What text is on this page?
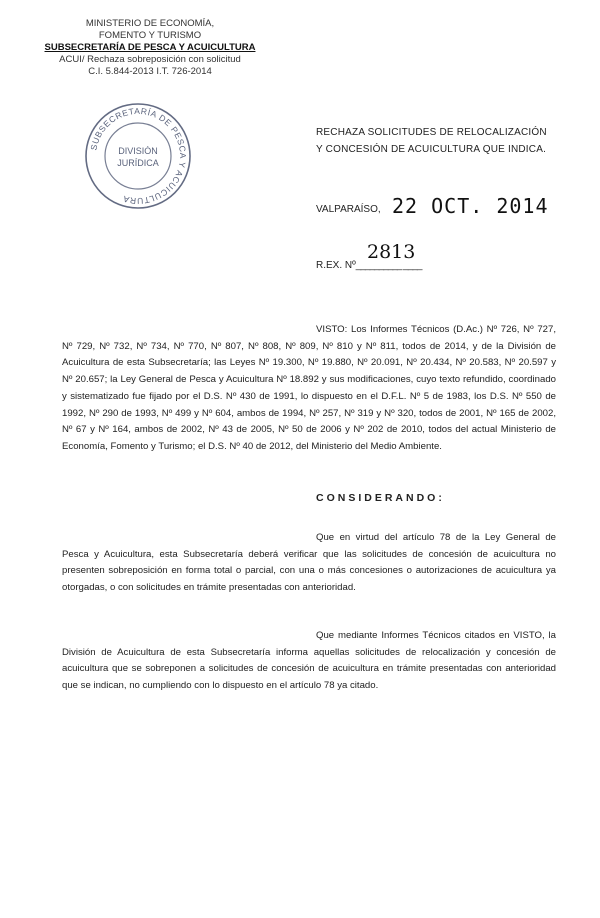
MINISTERIO DE ECONOMÍA,
FOMENTO Y TURISMO
SUBSECRETARÍA DE PESCA Y ACUICULTURA
ACUI/ Rechaza sobreposición con solicitud
C.I. 5.844-2013 I.T. 726-2014
SUBSECRETARÍA DE PESCA Y ACUICULTURA
DIVISIÓN
JURÍDICA
RECHAZA SOLICITUDES DE RELOCALIZACIÓN Y CONCESIÓN DE ACUICULTURA QUE INDICA.
VALPARAÍSO, 22 OCT. 2014
2813
R.EX. Nº__________ ____
VISTO: Los Informes Técnicos (D.Ac.) Nº 726, Nº 727, Nº 729, Nº 732, Nº 734, Nº 770, Nº 807, Nº 808, Nº 809, Nº 810 y Nº 811, todos de 2014, y de la División de Acuicultura de esta Subsecretaría; las Leyes Nº 19.300, Nº 19.880, Nº 20.091, Nº 20.434, Nº 20.583, Nº 20.597 y Nº 20.657; la Ley General de Pesca y Acuicultura Nº 18.892 y sus modificaciones, cuyo texto refundido, coordinado y sistematizado fue fijado por el D.S. Nº 430 de 1991, lo dispuesto en el D.F.L. Nº 5 de 1983, los D.S. Nº 550 de 1992, Nº 290 de 1993, Nº 499 y Nº 604, ambos de 1994, Nº 257, Nº 319 y Nº 320, todos de 2001, Nº 165 de 2002, Nº 67 y Nº 164, ambos de 2002, Nº 43 de 2005, Nº 50 de 2006 y Nº 202 de 2010, todos del actual Ministerio de Economía, Fomento y Turismo; el D.S. Nº 40 de 2012, del Ministerio del Medio Ambiente.
CONSIDERANDO:
Que en virtud del artículo 78 de la Ley General de Pesca y Acuicultura, esta Subsecretaría deberá verificar que las solicitudes de concesión de acuicultura no presenten sobreposición en forma total o parcial, con una o más concesiones o autorizaciones de acuicultura ya otorgadas, o con solicitudes en trámite presentadas con anterioridad.
Que mediante Informes Técnicos citados en VISTO, la División de Acuicultura de esta Subsecretaría informa aquellas solicitudes de relocalización y concesión de acuicultura que se sobreponen a solicitudes de concesión de acuicultura en trámite presentadas con anterioridad que se indican, no cumpliendo con lo dispuesto en el artículo 78 ya citado.
